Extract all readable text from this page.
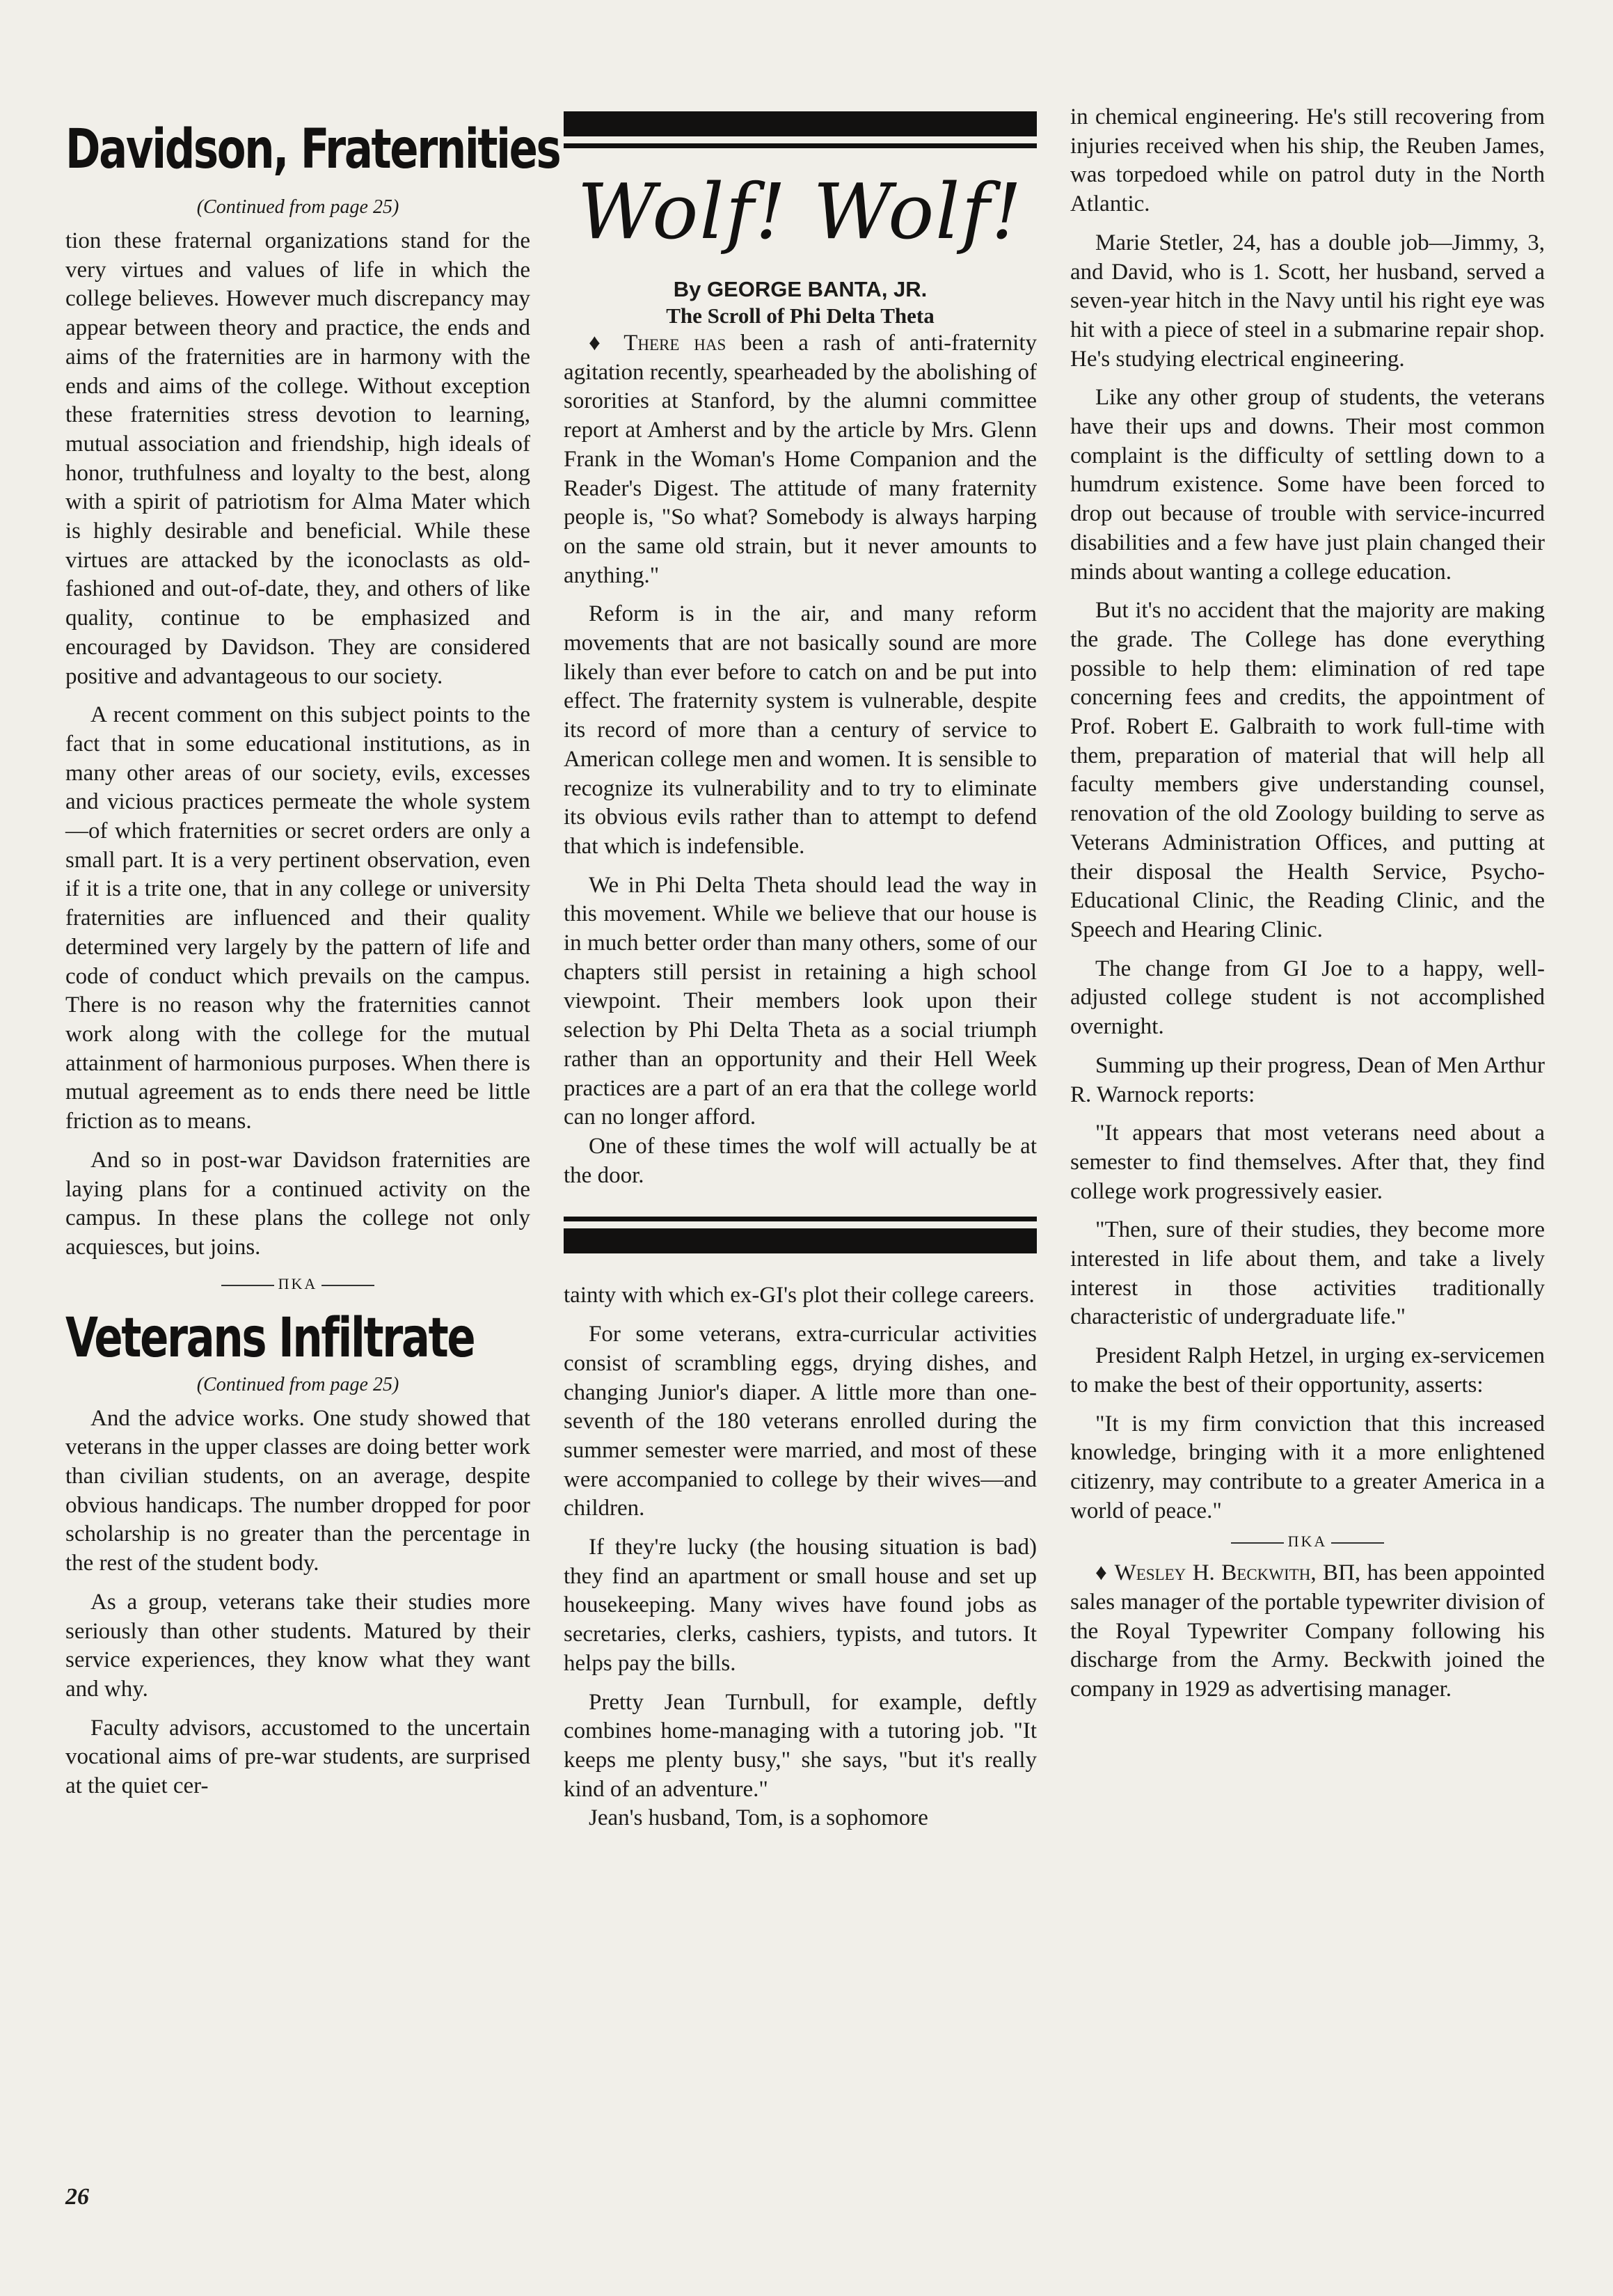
Davidson, Fraternities
(Continued from page 25)

tion these fraternal organizations stand for the very virtues and values of life in which the college believes. However much discrepancy may appear between theory and practice, the ends and aims of the fraternities are in harmony with the ends and aims of the college. Without exception these fraternities stress devotion to learning, mutual association and friendship, high ideals of honor, truthfulness and loyalty to the best, along with a spirit of patriotism for Alma Mater which is highly desirable and beneficial. While these virtues are attacked by the iconoclasts as old-fashioned and out-of-date, they, and others of like quality, continue to be emphasized and encouraged by Davidson. They are considered positive and advantageous to our society.

A recent comment on this subject points to the fact that in some educational institutions, as in many other areas of our society, evils, excesses and vicious practices permeate the whole system—of which fraternities or secret orders are only a small part. It is a very pertinent observation, even if it is a trite one, that in any college or university fraternities are influenced and their quality determined very largely by the pattern of life and code of conduct which prevails on the campus. There is no reason why the fraternities cannot work along with the college for the mutual attainment of harmonious purposes. When there is mutual agreement as to ends there need be little friction as to means.

And so in post-war Davidson fraternities are laying plans for a continued activity on the campus. In these plans the college not only acquiesces, but joins.

ΠKA
Veterans Infiltrate
(Continued from page 25)

And the advice works. One study showed that veterans in the upper classes are doing better work than civilian students, on an average, despite obvious handicaps. The number dropped for poor scholarship is no greater than the percentage in the rest of the student body.

As a group, veterans take their studies more seriously than other students. Matured by their service experiences, they know what they want and why.

Faculty advisors, accustomed to the uncertain vocational aims of pre-war students, are surprised at the quiet cer-

Wolf! Wolf!
By GEORGE BANTA, JR.
The Scroll of Phi Delta Theta

♦ There has been a rash of anti-fraternity agitation recently, spearheaded by the abolishing of sororities at Stanford, by the alumni committee report at Amherst and by the article by Mrs. Glenn Frank in the Woman's Home Companion and the Reader's Digest. The attitude of many fraternity people is, "So what? Somebody is always harping on the same old strain, but it never amounts to anything."

Reform is in the air, and many reform movements that are not basically sound are more likely than ever before to catch on and be put into effect. The fraternity system is vulnerable, despite its record of more than a century of service to American college men and women. It is sensible to recognize its vulnerability and to try to eliminate its obvious evils rather than to attempt to defend that which is indefensible.

We in Phi Delta Theta should lead the way in this movement. While we believe that our house is in much better order than many others, some of our chapters still persist in retaining a high school viewpoint. Their members look upon their selection by Phi Delta Theta as a social triumph rather than an opportunity and their Hell Week practices are a part of an era that the college world can no longer afford.

One of these times the wolf will actually be at the door.

tainty with which ex-GI's plot their college careers.

For some veterans, extra-curricular activities consist of scrambling eggs, drying dishes, and changing Junior's diaper. A little more than one-seventh of the 180 veterans enrolled during the summer semester were married, and most of these were accompanied to college by their wives—and children.

If they're lucky (the housing situation is bad) they find an apartment or small house and set up housekeeping. Many wives have found jobs as secretaries, clerks, cashiers, typists, and tutors. It helps pay the bills.

Pretty Jean Turnbull, for example, deftly combines home-managing with a tutoring job. "It keeps me plenty busy," she says, "but it's really kind of an adventure."

Jean's husband, Tom, is a sophomore

in chemical engineering. He's still recovering from injuries received when his ship, the Reuben James, was torpedoed while on patrol duty in the North Atlantic.

Marie Stetler, 24, has a double job—Jimmy, 3, and David, who is 1. Scott, her husband, served a seven-year hitch in the Navy until his right eye was hit with a piece of steel in a submarine repair shop. He's studying electrical engineering.

Like any other group of students, the veterans have their ups and downs. Their most common complaint is the difficulty of settling down to a humdrum existence. Some have been forced to drop out because of trouble with service-incurred disabilities and a few have just plain changed their minds about wanting a college education.

But it's no accident that the majority are making the grade. The College has done everything possible to help them: elimination of red tape concerning fees and credits, the appointment of Prof. Robert E. Galbraith to work full-time with them, preparation of material that will help all faculty members give understanding counsel, renovation of the old Zoology building to serve as Veterans Administration Offices, and putting at their disposal the Health Service, Psycho-Educational Clinic, the Reading Clinic, and the Speech and Hearing Clinic.

The change from GI Joe to a happy, well-adjusted college student is not accomplished overnight.

Summing up their progress, Dean of Men Arthur R. Warnock reports:

"It appears that most veterans need about a semester to find themselves. After that, they find college work progressively easier.

"Then, sure of their studies, they become more interested in life about them, and take a lively interest in those activities traditionally characteristic of undergraduate life."

President Ralph Hetzel, in urging ex-servicemen to make the best of their opportunity, asserts:

"It is my firm conviction that this increased knowledge, bringing with it a more enlightened citizenry, may contribute to a greater America in a world of peace."

ΠKA

♦ Wesley H. Beckwith, BΠ, has been appointed sales manager of the portable typewriter division of the Royal Typewriter Company following his discharge from the Army. Beckwith joined the company in 1929 as advertising manager.

26
